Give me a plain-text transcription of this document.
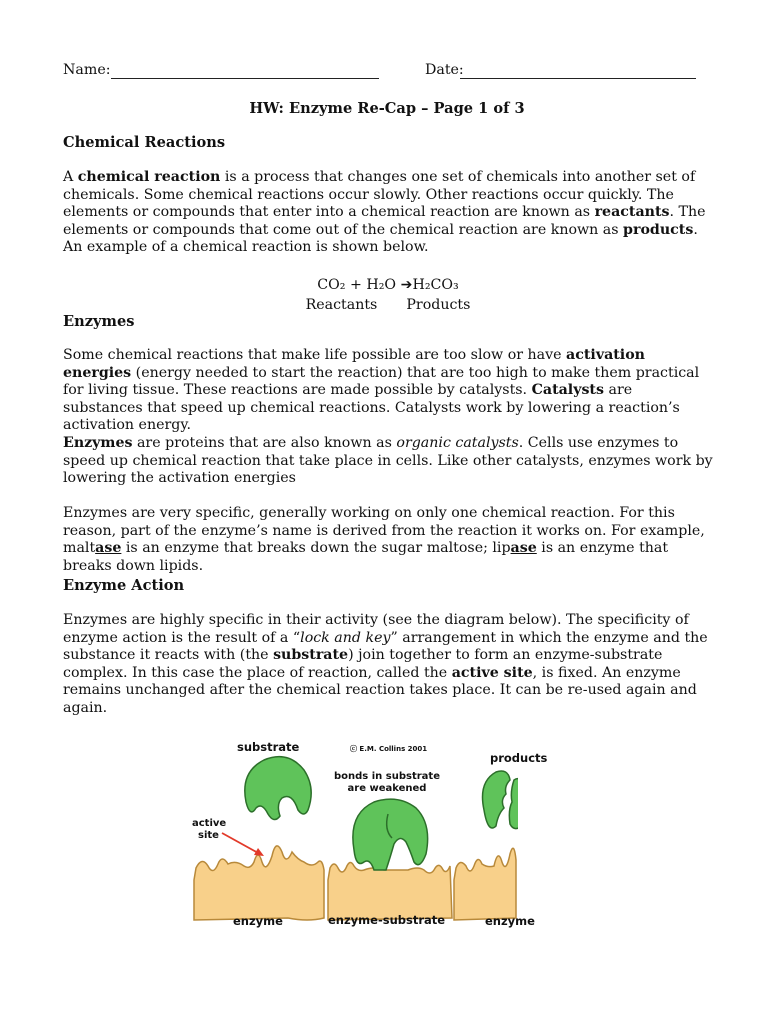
Name:	Date:
HW: Enzyme Re-Cap – Page 1 of 3

Chemical Reactions

A chemical reaction is a process that changes one set of chemicals into another set of chemicals. Some chemical reactions occur slowly. Other reactions occur quickly. The elements or compounds that enter into a chemical reaction are known as reactants. The elements or compounds that come out of the chemical reaction are known as products. An example of a chemical reaction is shown below.

CO₂ + H₂O ➔H₂CO₃
Reactants Products

Enzymes

Some chemical reactions that make life possible are too slow or have activation energies (energy needed to start the reaction) that are too high to make them practical for living tissue. These reactions are made possible by catalysts. Catalysts are substances that speed up chemical reactions. Catalysts work by lowering a reaction’s activation energy.

Enzymes are proteins that are also known as organic catalysts. Cells use enzymes to speed up chemical reaction that take place in cells. Like other catalysts, enzymes work by lowering the activation energies

Enzymes are very specific, generally working on only one chemical reaction. For this reason, part of the enzyme’s name is derived from the reaction it works on. For example, maltase is an enzyme that breaks down the sugar maltose; lipase is an enzyme that breaks down lipids.

Enzyme Action

Enzymes are highly specific in their activity (see the diagram below). The specificity of enzyme action is the result of a “lock and key” arrangement in which the enzyme and the substance it reacts with (the substrate) join together to form an enzyme-substrate complex. In this case the place of reaction, called the active site, is fixed. An enzyme remains unchanged after the chemical reaction takes place. It can be re-used again and again.

substrate	ⓒ E.M. Collins 2001
bonds in substrate
are weakened
products
active
site
enzyme	enzyme-substrate	enzyme
